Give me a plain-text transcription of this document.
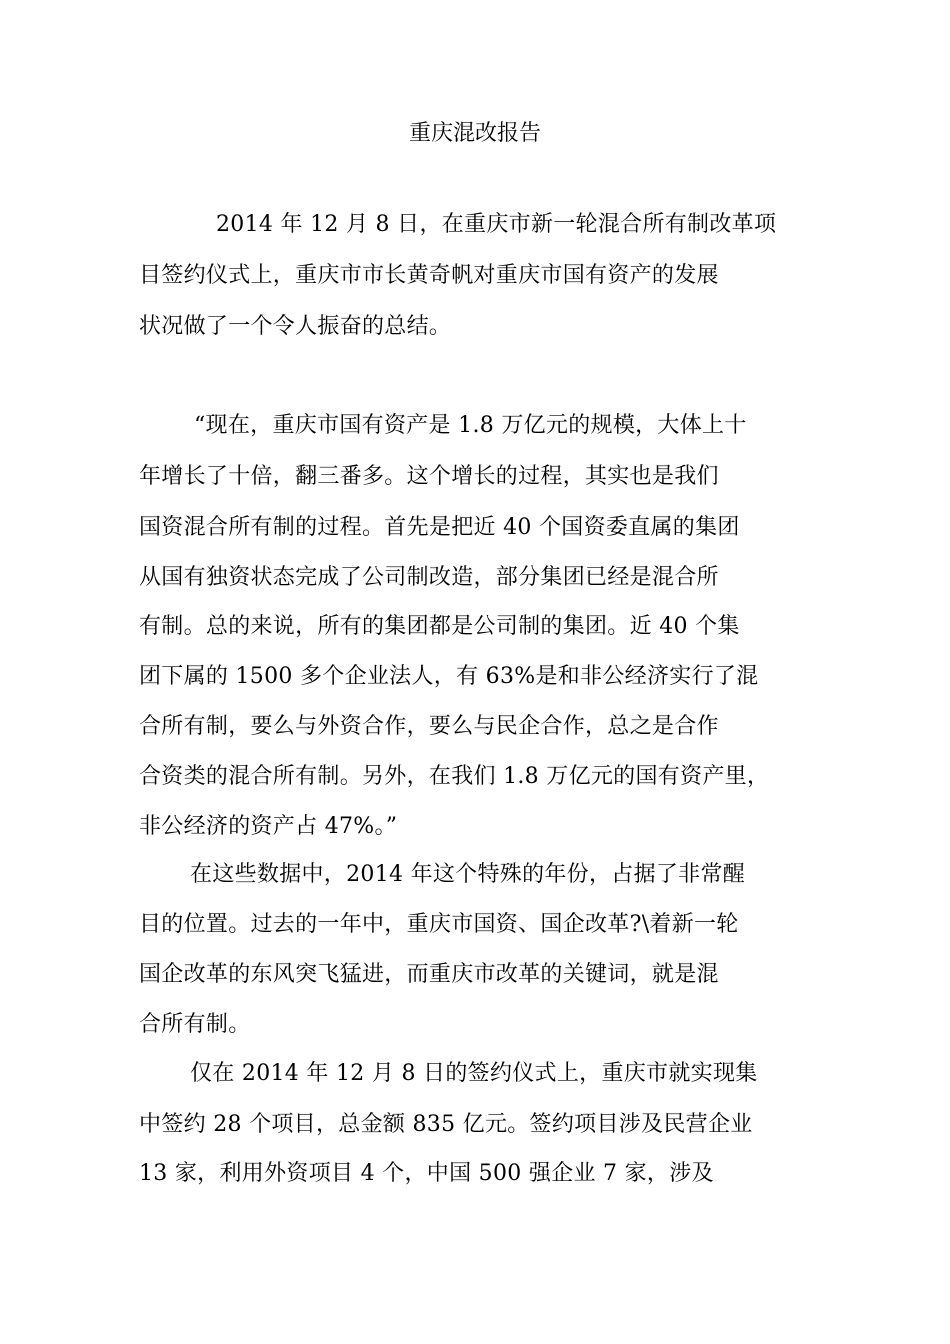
重庆混改报告
2014 年 12 月 8 日，在重庆市新一轮混合所有制改革项
目签约仪式上，重庆市市长黄奇帆对重庆市国有资产的发展
状况做了一个令人振奋的总结。
“现在，重庆市国有资产是 1.8 万亿元的规模，大体上十
年增长了十倍，翻三番多。这个增长的过程，其实也是我们
国资混合所有制的过程。首先是把近 40 个国资委直属的集团
从国有独资状态完成了公司制改造，部分集团已经是混合所
有制。总的来说，所有的集团都是公司制的集团。近 40 个集
团下属的 1500 多个企业法人，有 63%是和非公经济实行了混
合所有制，要么与外资合作，要么与民企合作，总之是合作
合资类的混合所有制。另外，在我们 1.8 万亿元的国有资产里，
非公经济的资产占 47%。”
在这些数据中，2014 年这个特殊的年份，占据了非常醒
目的位置。过去的一年中，重庆市国资、国企改革?\着新一轮
国企改革的东风突飞猛进，而重庆市改革的关键词，就是混
合所有制。
仅在 2014 年 12 月 8 日的签约仪式上，重庆市就实现集
中签约 28 个项目，总金额 835 亿元。签约项目涉及民营企业
13 家，利用外资项目 4 个，中国 500 强企业 7 家，涉及
